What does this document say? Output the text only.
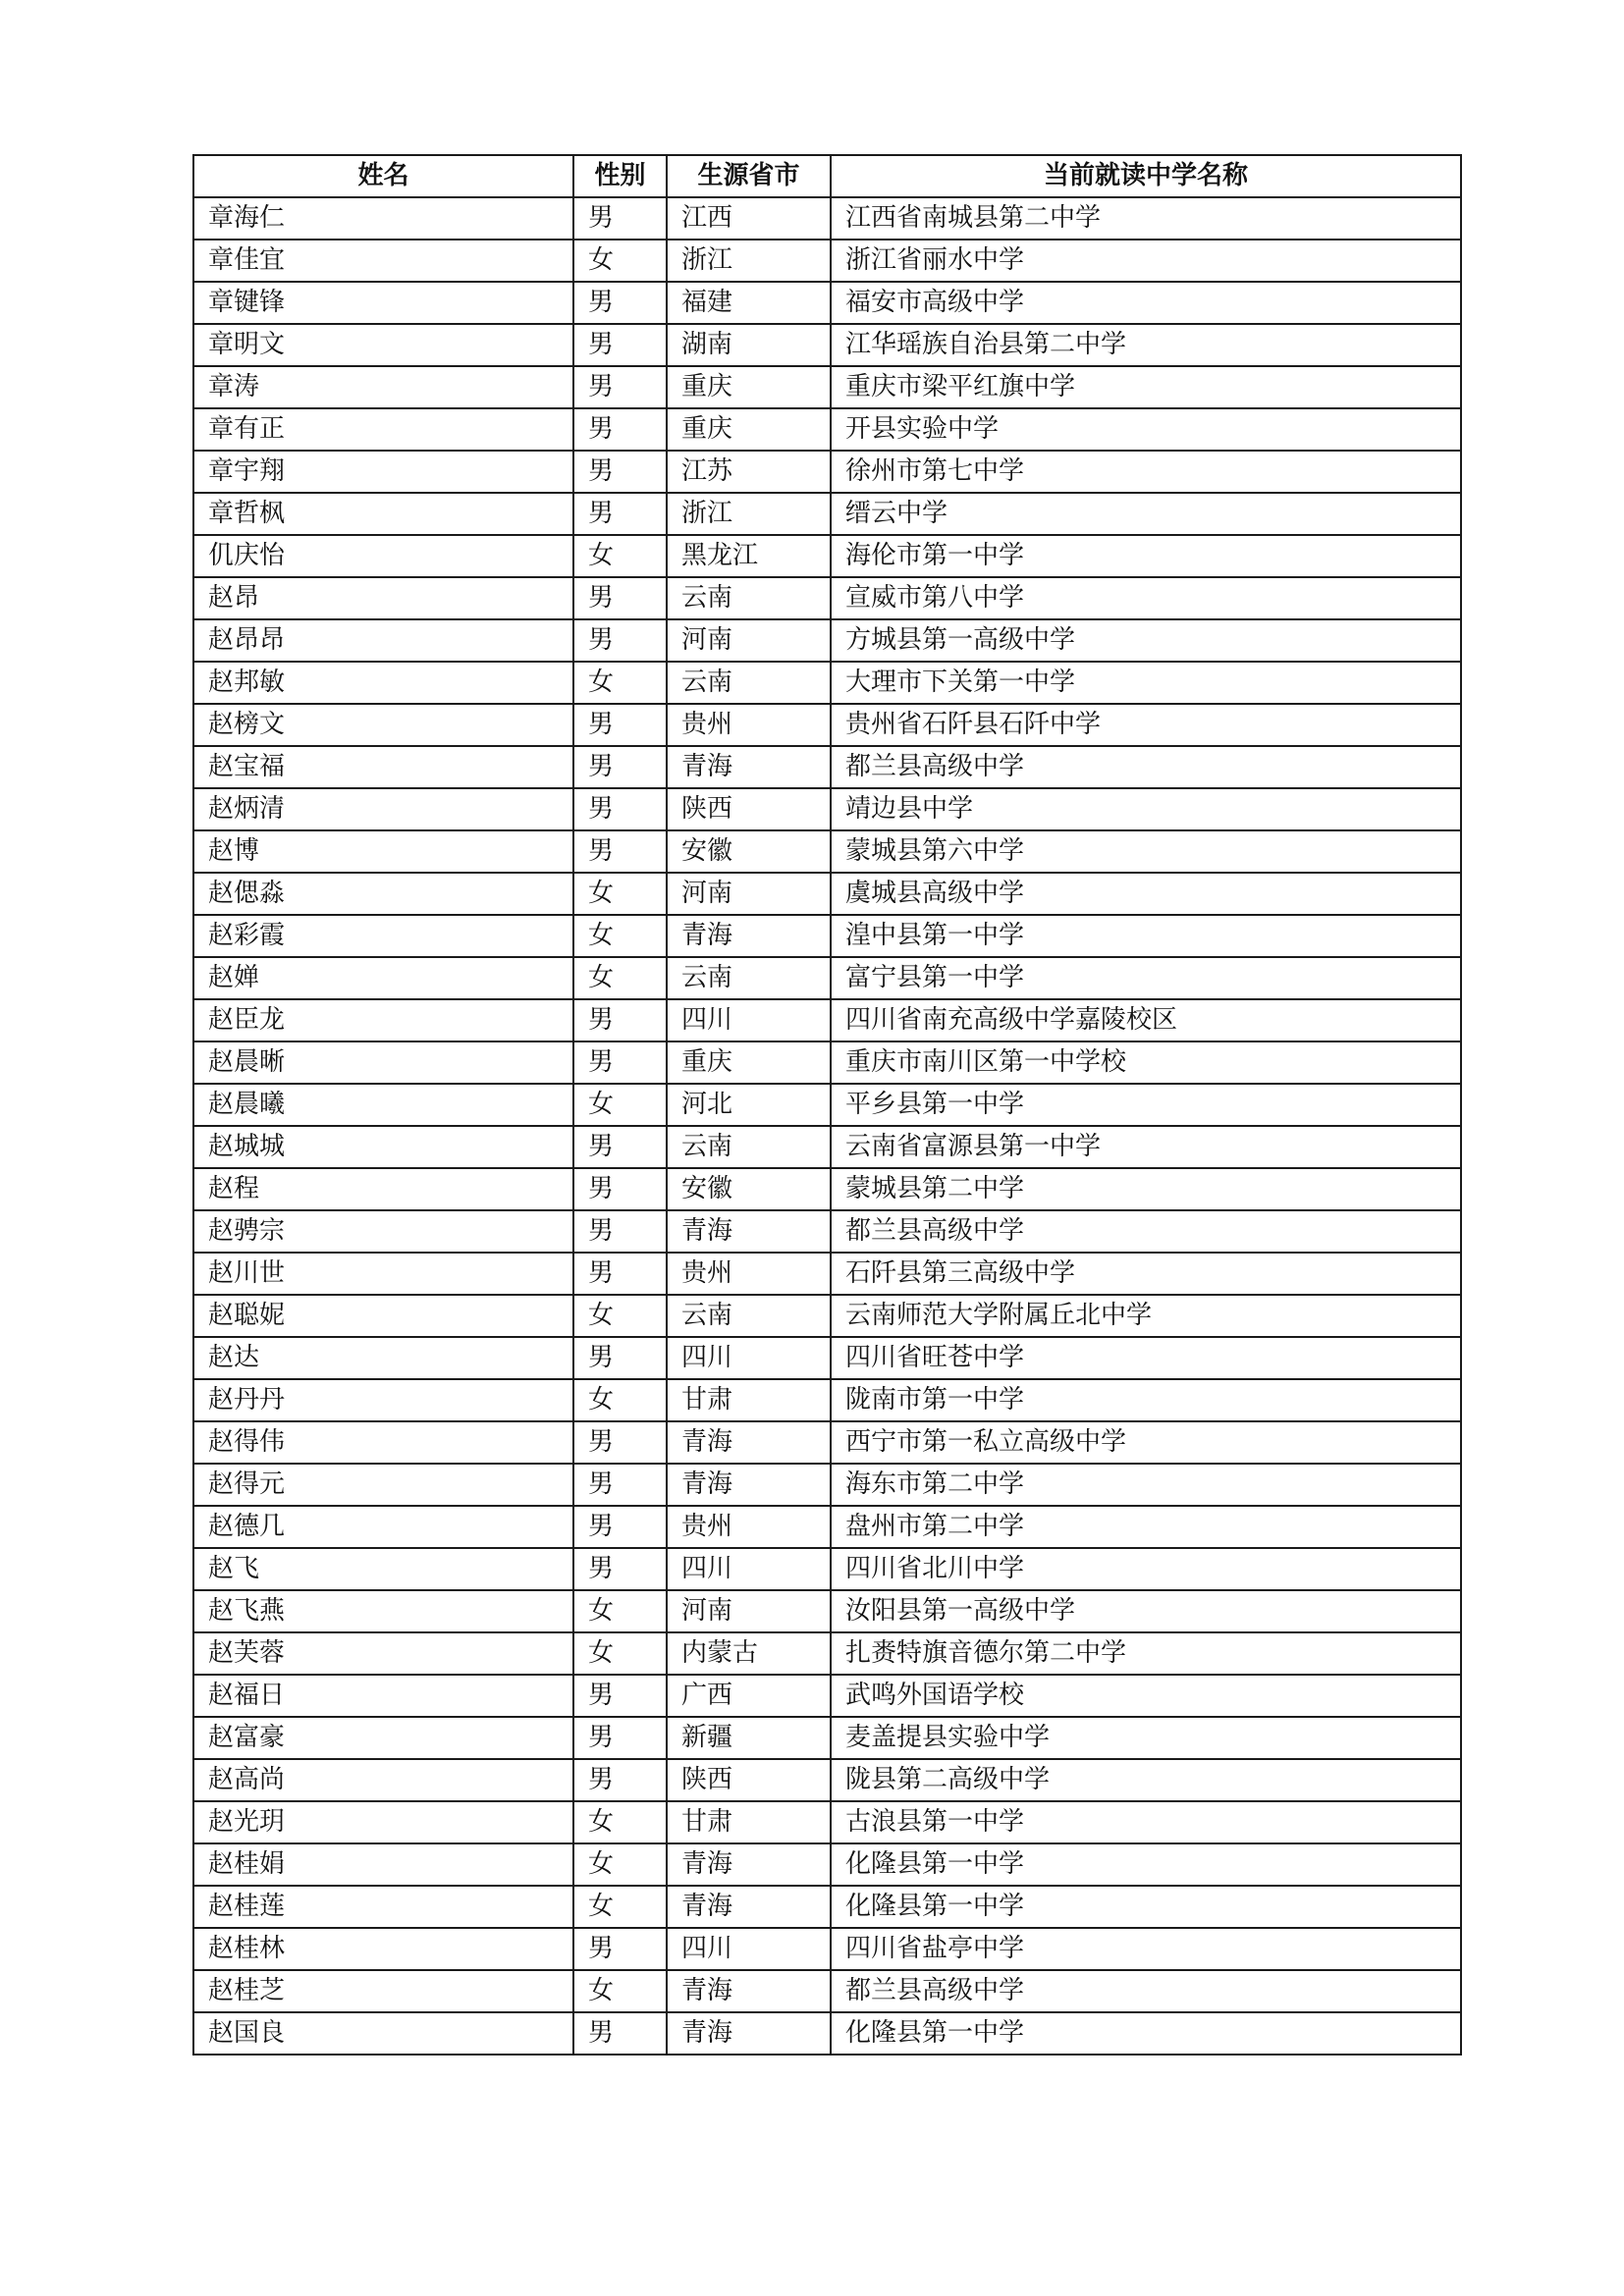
姓名	性别	生源省市	当前就读中学名称
章海仁	男	江西	江西省南城县第二中学
章佳宜	女	浙江	浙江省丽水中学
章键锋	男	福建	福安市高级中学
章明文	男	湖南	江华瑶族自治县第二中学
章涛	男	重庆	重庆市梁平红旗中学
章有正	男	重庆	开县实验中学
章宇翔	男	江苏	徐州市第七中学
章哲枫	男	浙江	缙云中学
仉庆怡	女	黑龙江	海伦市第一中学
赵昂	男	云南	宣威市第八中学
赵昂昂	男	河南	方城县第一高级中学
赵邦敏	女	云南	大理市下关第一中学
赵榜文	男	贵州	贵州省石阡县石阡中学
赵宝福	男	青海	都兰县高级中学
赵炳清	男	陕西	靖边县中学
赵博	男	安徽	蒙城县第六中学
赵偲淼	女	河南	虞城县高级中学
赵彩霞	女	青海	湟中县第一中学
赵婵	女	云南	富宁县第一中学
赵臣龙	男	四川	四川省南充高级中学嘉陵校区
赵晨晰	男	重庆	重庆市南川区第一中学校
赵晨曦	女	河北	平乡县第一中学
赵城城	男	云南	云南省富源县第一中学
赵程	男	安徽	蒙城县第二中学
赵骋宗	男	青海	都兰县高级中学
赵川世	男	贵州	石阡县第三高级中学
赵聪妮	女	云南	云南师范大学附属丘北中学
赵达	男	四川	四川省旺苍中学
赵丹丹	女	甘肃	陇南市第一中学
赵得伟	男	青海	西宁市第一私立高级中学
赵得元	男	青海	海东市第二中学
赵德几	男	贵州	盘州市第二中学
赵飞	男	四川	四川省北川中学
赵飞燕	女	河南	汝阳县第一高级中学
赵芙蓉	女	内蒙古	扎赉特旗音德尔第二中学
赵福日	男	广西	武鸣外国语学校
赵富豪	男	新疆	麦盖提县实验中学
赵高尚	男	陕西	陇县第二高级中学
赵光玥	女	甘肃	古浪县第一中学
赵桂娟	女	青海	化隆县第一中学
赵桂莲	女	青海	化隆县第一中学
赵桂林	男	四川	四川省盐亭中学
赵桂芝	女	青海	都兰县高级中学
赵国良	男	青海	化隆县第一中学
